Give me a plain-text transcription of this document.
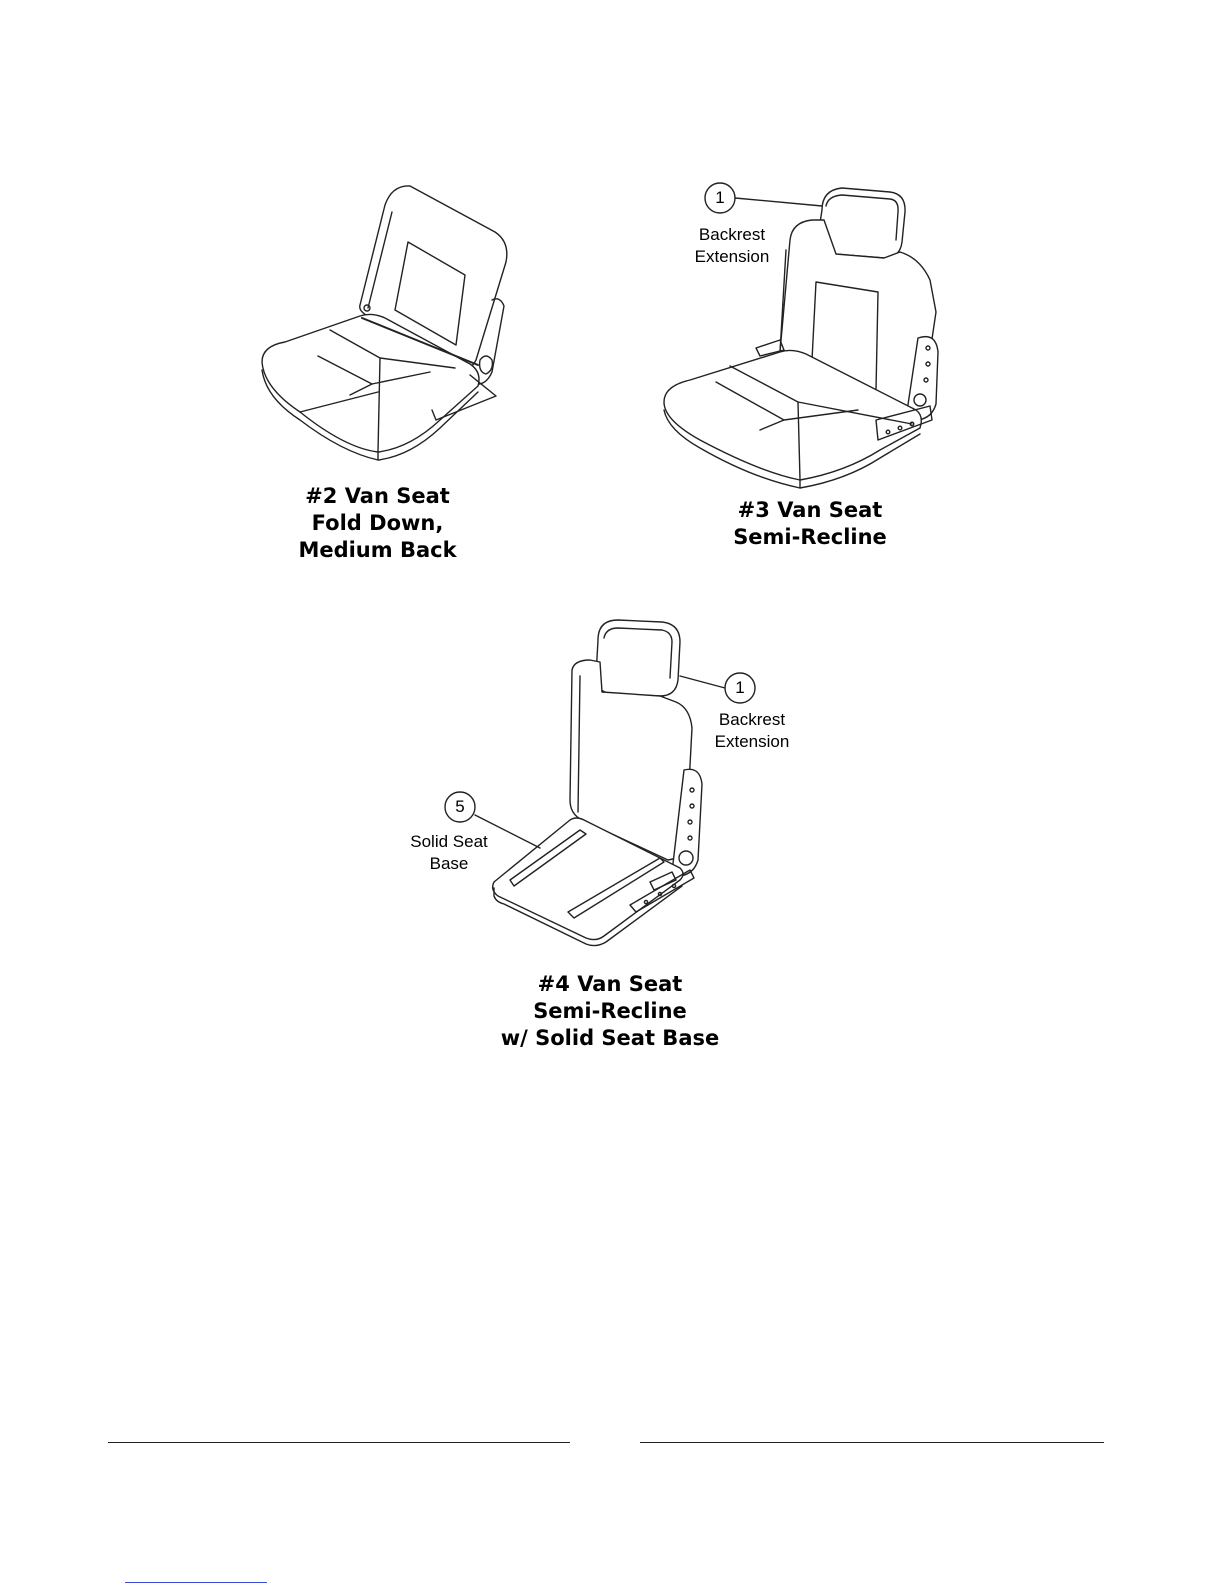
#2 Van Seat
Fold Down,
Medium Back
#3 Van Seat
Semi-Recline
#4 Van Seat
Semi-Recline
w/ Solid Seat Base
1
1
5
Backrest
Extension
Backrest
Extension
Solid Seat
Base
